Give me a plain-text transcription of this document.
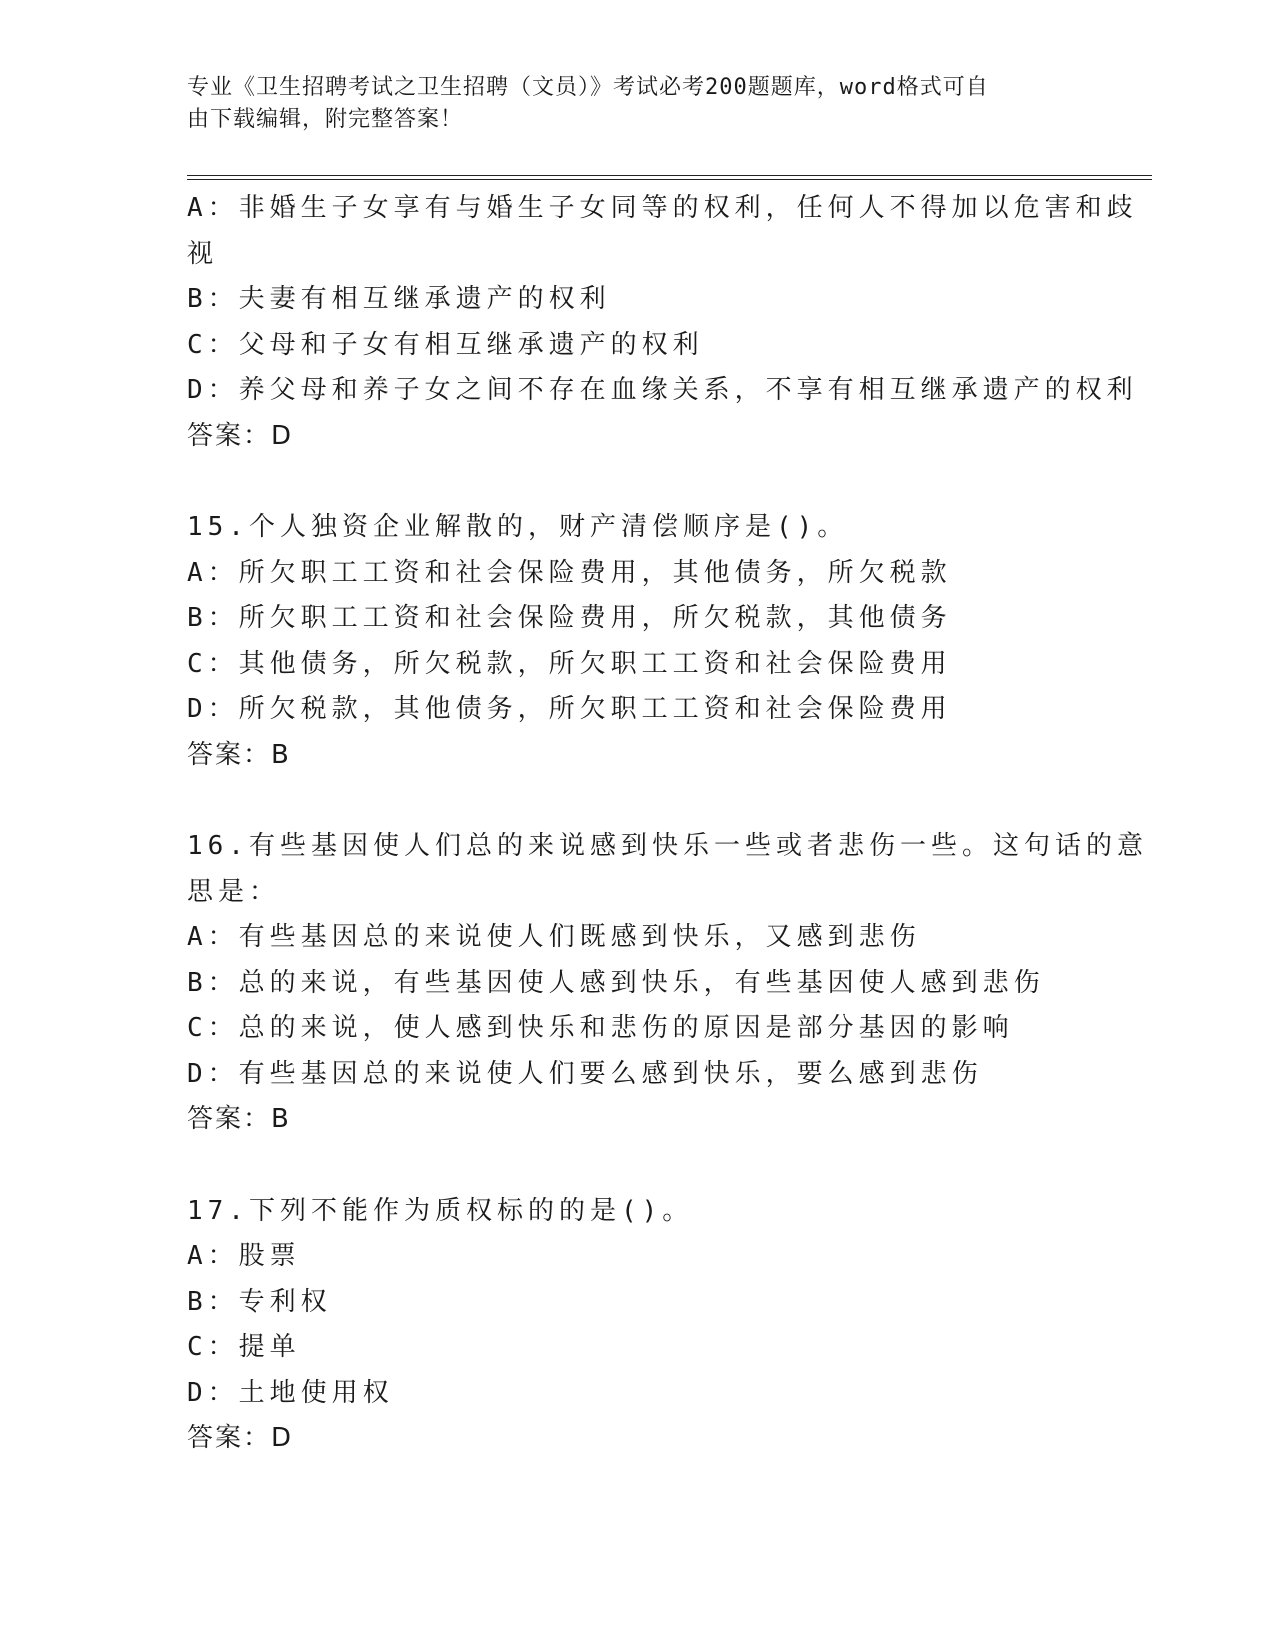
专业《卫生招聘考试之卫生招聘（文员）》考试必考200题题库，word格式可自
由下载编辑，附完整答案！
A：非婚生子女享有与婚生子女同等的权利，任何人不得加以危害和歧
视
B：夫妻有相互继承遗产的权利
C：父母和子女有相互继承遗产的权利
D：养父母和养子女之间不存在血缘关系，不享有相互继承遗产的权利
答案：D
15.个人独资企业解散的，财产清偿顺序是()。
A：所欠职工工资和社会保险费用，其他债务，所欠税款
B：所欠职工工资和社会保险费用，所欠税款，其他债务
C：其他债务，所欠税款，所欠职工工资和社会保险费用
D：所欠税款，其他债务，所欠职工工资和社会保险费用
答案：B
16.有些基因使人们总的来说感到快乐一些或者悲伤一些。这句话的意
思是：
A：有些基因总的来说使人们既感到快乐，又感到悲伤
B：总的来说，有些基因使人感到快乐，有些基因使人感到悲伤
C：总的来说，使人感到快乐和悲伤的原因是部分基因的影响
D：有些基因总的来说使人们要么感到快乐，要么感到悲伤
答案：B
17.下列不能作为质权标的的是()。
A：股票
B：专利权
C：提单
D：土地使用权
答案：D
